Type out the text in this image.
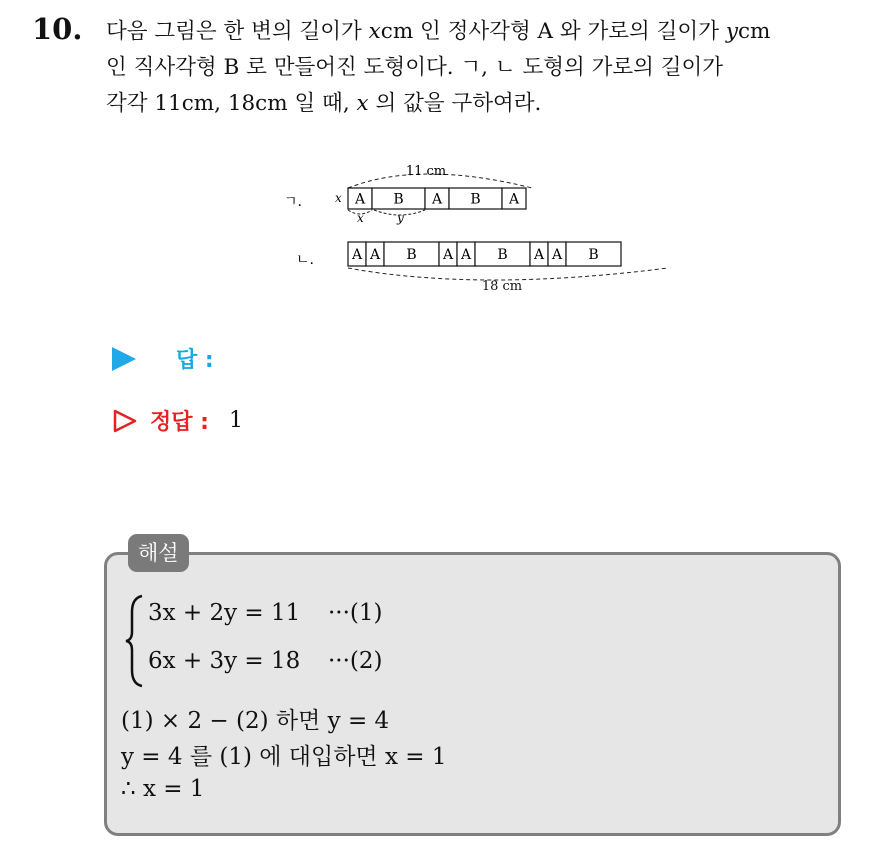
10. 다음 그림은 한 변의 길이가 xcm 인 정사각형 A 와 가로의 길이가 ycm
인 직사각형 B 로 만들어진 도형이다. ㄱ, ㄴ 도형의 가로의 길이가
각각 11cm, 18cm 일 때, x 의 값을 구하여라.
ㄱ.	x
11 cm
A B A B A
x	y
ㄴ.	A A B A A B A A B
18 cm
답 :
정답 : 1
해설
3x + 2y = 11 ···(1)
6x + 3y = 18 ···(2)
(1) × 2 − (2) 하면 y = 4
y = 4 를 (1) 에 대입하면 x = 1
∴ x = 1
